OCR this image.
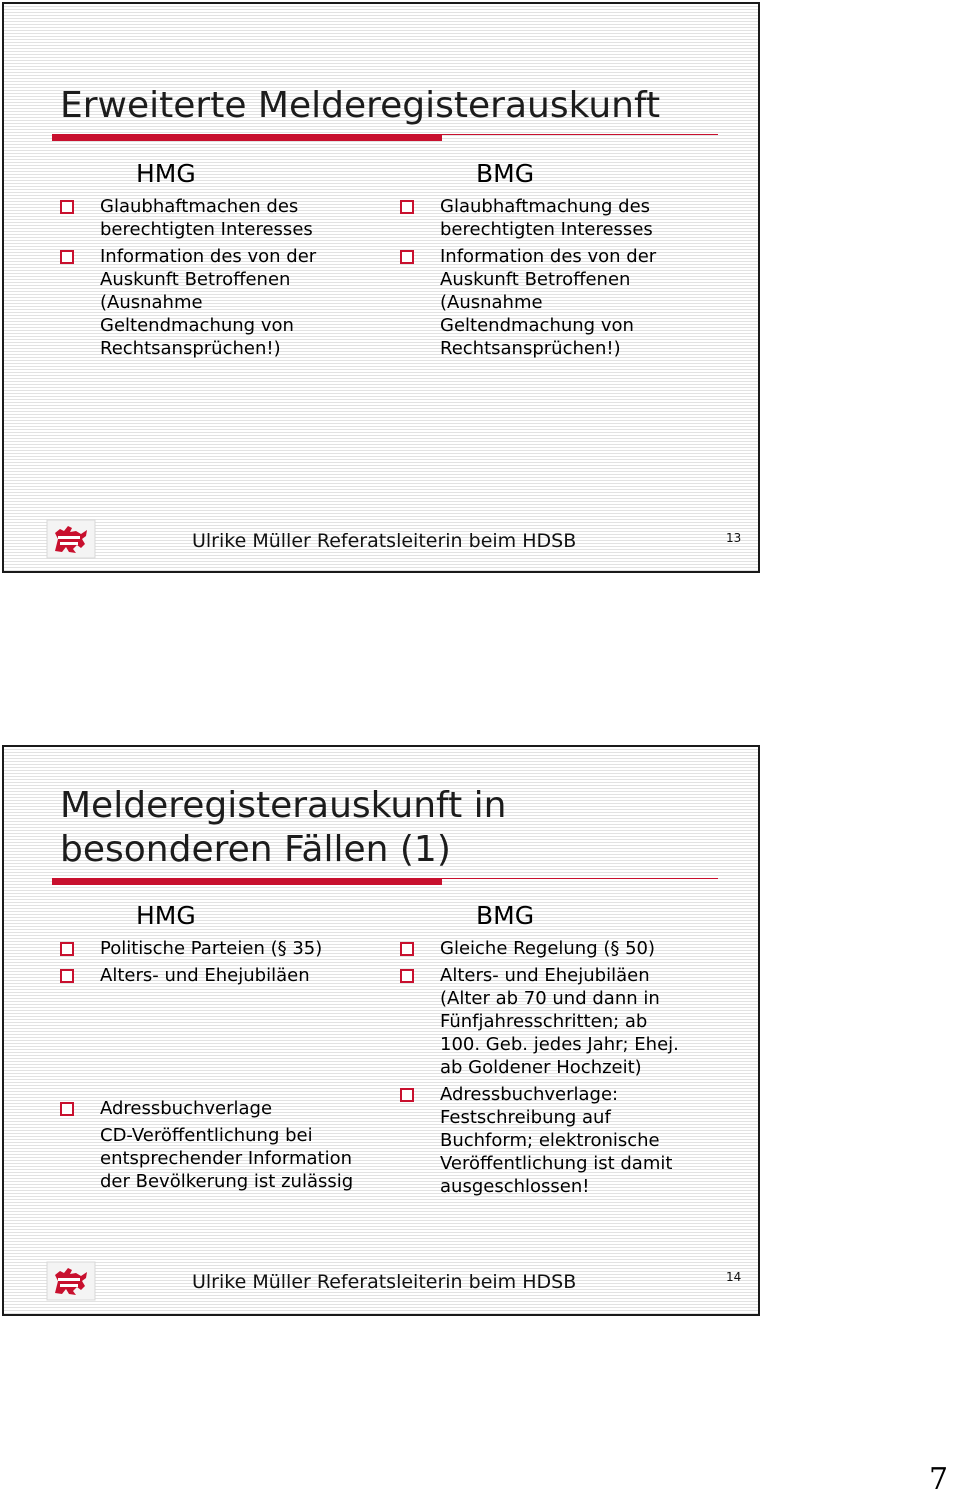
Erweiterte Melderegisterauskunft
HMG
Glaubhaftmachen des berechtigten Interesses
Information des von der Auskunft Betroffenen (Ausnahme Geltendmachung von Rechtsansprüchen!)
BMG
Glaubhaftmachung des berechtigten Interesses
Information des von der Auskunft Betroffenen (Ausnahme Geltendmachung von Rechtsansprüchen!)
Ulrike Müller Referatsleiterin beim HDSB	13
Melderegisterauskunft in
besonderen Fällen (1)
HMG
Politische Parteien (§ 35)
Alters- und Ehejubiläen
Adressbuchverlage
CD-Veröffentlichung bei entsprechender Information der Bevölkerung ist zulässig
BMG
Gleiche Regelung (§ 50)
Alters- und Ehejubiläen (Alter ab 70 und dann in Fünfjahresschritten; ab 100. Geb. jedes Jahr; Ehej. ab Goldener Hochzeit)
Adressbuchverlage: Festschreibung auf Buchform; elektronische Veröffentlichung ist damit ausgeschlossen!
Ulrike Müller Referatsleiterin beim HDSB	14
7
